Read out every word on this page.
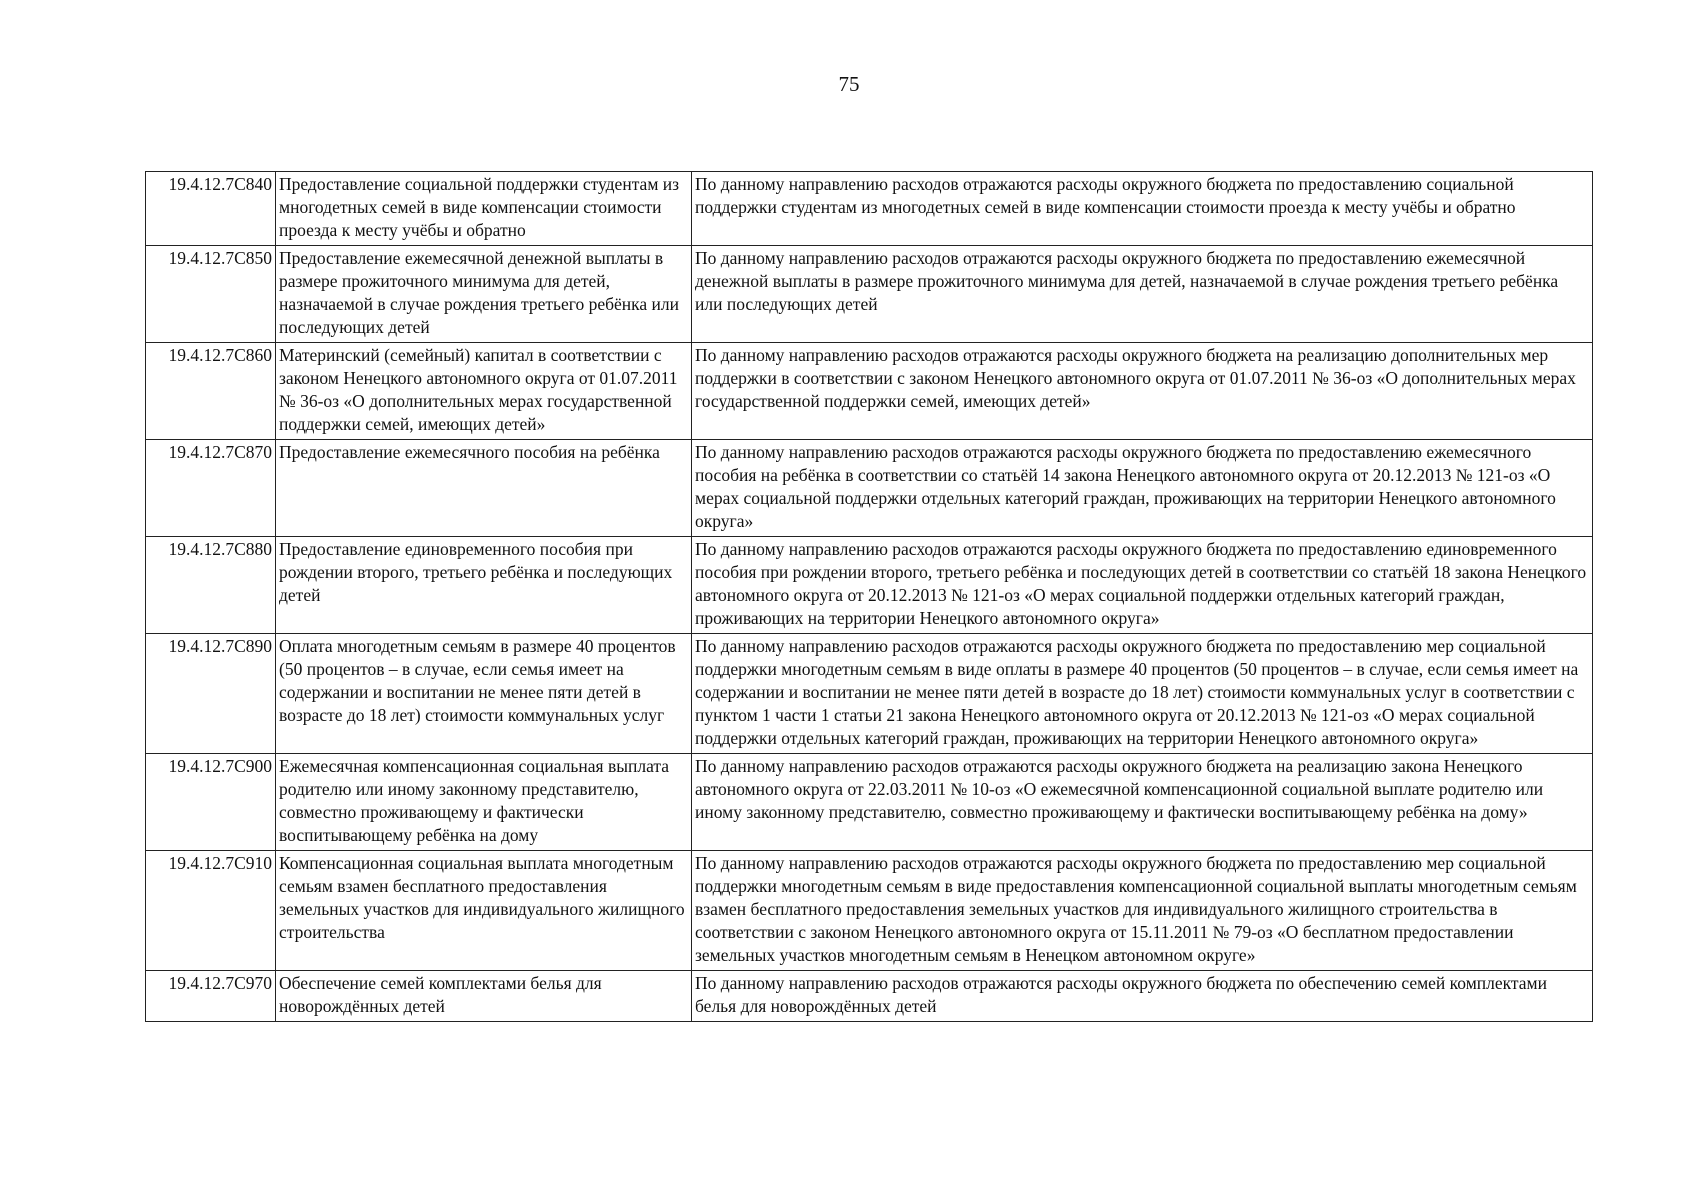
75
19.4.12.7С840	Предоставление социальной поддержки студентам из многодетных семей в виде компенсации стоимости проезда к месту учёбы и обратно	По данному направлению расходов отражаются расходы окружного бюджета по предоставлению социальной поддержки студентам из многодетных семей в виде компенсации стоимости проезда к месту учёбы и обратно
19.4.12.7С850	Предоставление ежемесячной денежной выплаты в размере прожиточного минимума для детей, назначаемой в случае рождения третьего ребёнка или последующих детей	По данному направлению расходов отражаются расходы окружного бюджета по предоставлению ежемесячной денежной выплаты в размере прожиточного минимума для детей, назначаемой в случае рождения третьего ребёнка или последующих детей
19.4.12.7С860	Материнский (семейный) капитал в соответствии с законом Ненецкого автономного округа от 01.07.2011 № 36-оз «О дополнительных мерах государственной поддержки семей, имеющих детей»	По данному направлению расходов отражаются расходы окружного бюджета на реализацию дополнительных мер поддержки в соответствии с законом Ненецкого автономного округа от 01.07.2011 № 36-оз «О дополнительных мерах государственной поддержки семей, имеющих детей»
19.4.12.7С870	Предоставление ежемесячного пособия на ребёнка	По данному направлению расходов отражаются расходы окружного бюджета по предоставлению ежемесячного пособия на ребёнка в соответствии со статьёй 14 закона Ненецкого автономного округа от 20.12.2013 № 121-оз «О мерах социальной поддержки отдельных категорий граждан, проживающих на территории Ненецкого автономного округа»
19.4.12.7С880	Предоставление единовременного пособия при рождении второго, третьего ребёнка и последующих детей	По данному направлению расходов отражаются расходы окружного бюджета по предоставлению единовременного пособия при рождении второго, третьего ребёнка и последующих детей в соответствии со статьёй 18 закона Ненецкого автономного округа от 20.12.2013 № 121-оз «О мерах социальной поддержки отдельных категорий граждан, проживающих на территории Ненецкого автономного округа»
19.4.12.7С890	Оплата многодетным семьям в размере 40 процентов (50 процентов – в случае, если семья имеет на содержании и воспитании не менее пяти детей в возрасте до 18 лет) стоимости коммунальных услуг	По данному направлению расходов отражаются расходы окружного бюджета по предоставлению мер социальной поддержки многодетным семьям в виде оплаты в размере 40 процентов (50 процентов – в случае, если семья имеет на содержании и воспитании не менее пяти детей в возрасте до 18 лет) стоимости коммунальных услуг в соответствии с пунктом 1 части 1 статьи 21 закона Ненецкого автономного округа от 20.12.2013 № 121-оз «О мерах социальной поддержки отдельных категорий граждан, проживающих на территории Ненецкого автономного округа»
19.4.12.7С900	Ежемесячная компенсационная социальная выплата родителю или иному законному представителю, совместно проживающему и фактически воспитывающему ребёнка на дому	По данному направлению расходов отражаются расходы окружного бюджета на реализацию закона Ненецкого автономного округа от 22.03.2011 № 10-оз «О ежемесячной компенсационной социальной выплате родителю или иному законному представителю, совместно проживающему и фактически воспитывающему ребёнка на дому»
19.4.12.7С910	Компенсационная социальная выплата многодетным семьям взамен бесплатного предоставления земельных участков для индивидуального жилищного строительства	По данному направлению расходов отражаются расходы окружного бюджета по предоставлению мер социальной поддержки многодетным семьям в виде предоставления компенсационной социальной выплаты многодетным семьям взамен бесплатного предоставления земельных участков для индивидуального жилищного строительства в соответствии с законом Ненецкого автономного округа от 15.11.2011 № 79-оз «О бесплатном предоставлении земельных участков многодетным семьям в Ненецком автономном округе»
19.4.12.7С970	Обеспечение семей комплектами белья для новорождённых детей	По данному направлению расходов отражаются расходы окружного бюджета по обеспечению семей комплектами белья для новорождённых детей
